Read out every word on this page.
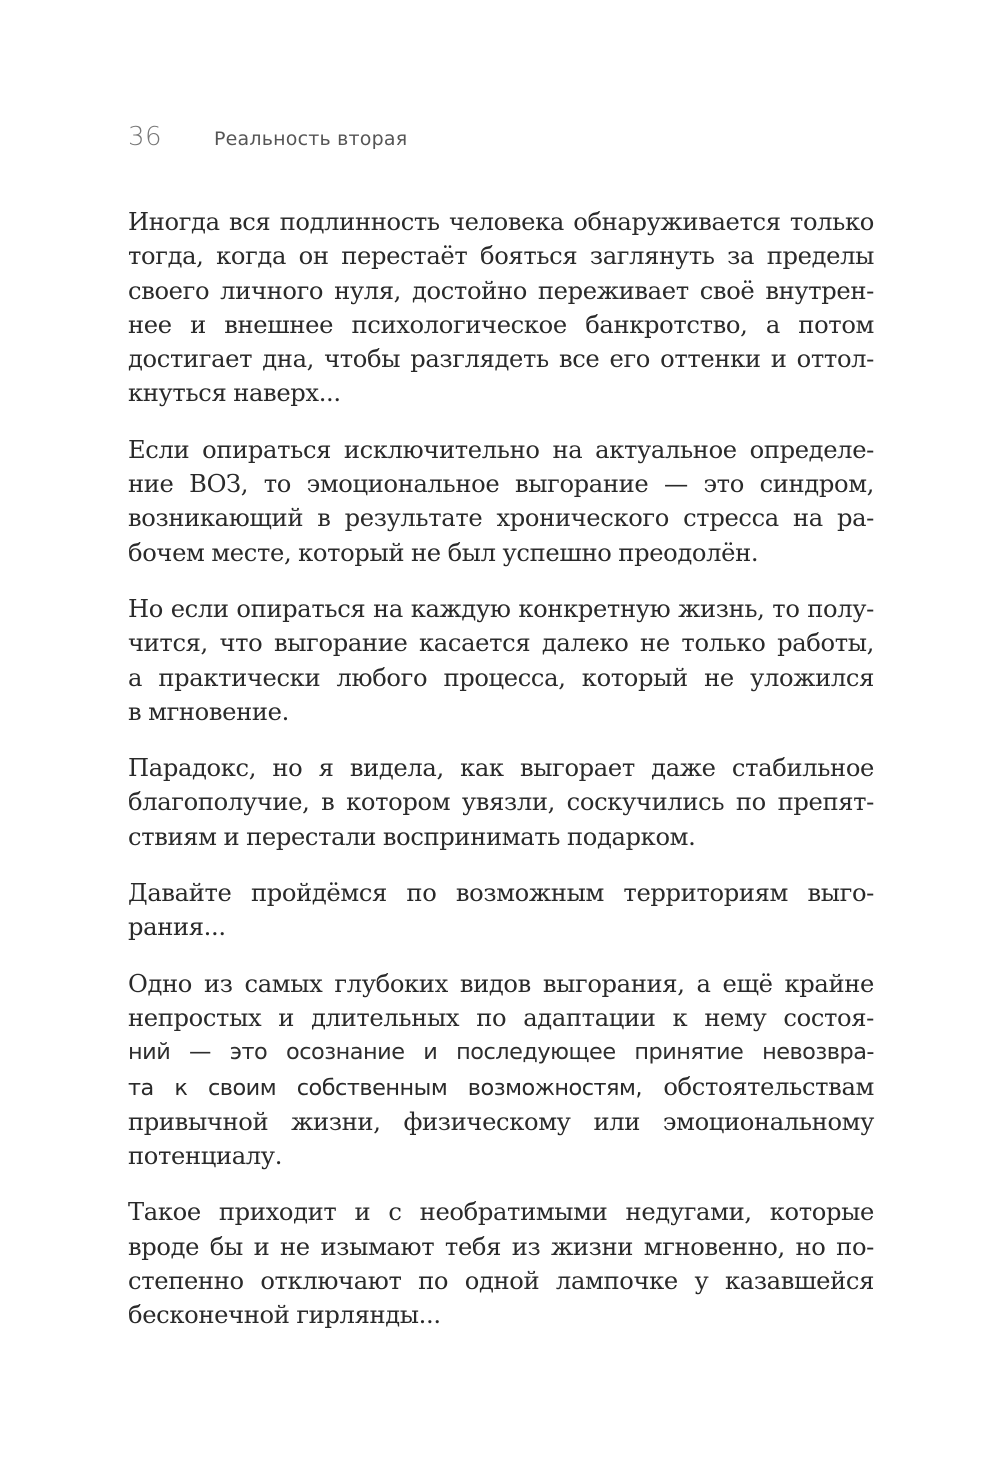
36	Реальность вторая

Иногда вся подлинность человека обнаруживается только
тогда, когда он перестаёт бояться заглянуть за пределы
своего личного нуля, достойно переживает своё внутрен-
нее и внешнее психологическое банкротство, а потом
достигает дна, чтобы разглядеть все его оттенки и оттол-
кнуться наверх...

Если опираться исключительно на актуальное определе-
ние ВОЗ, то эмоциональное выгорание — это синдром,
возникающий в результате хронического стресса на ра-
бочем месте, который не был успешно преодолён.

Но если опираться на каждую конкретную жизнь, то полу-
чится, что выгорание касается далеко не только работы,
а практически любого процесса, который не уложился
в мгновение.

Парадокс, но я видела, как выгорает даже стабильное
благополучие, в котором увязли, соскучились по препят-
ствиям и перестали воспринимать подарком.

Давайте пройдёмся по возможным территориям выго-
рания...

Одно из самых глубоких видов выгорания, а ещё крайне
непростых и длительных по адаптации к нему состоя-
ний — это осознание и последующее принятие невозвра-
та к своим собственным возможностям, обстоятельствам
привычной жизни, физическому или эмоциональному
потенциалу.

Такое приходит и с необратимыми недугами, которые
вроде бы и не изымают тебя из жизни мгновенно, но по-
степенно отключают по одной лампочке у казавшейся
бесконечной гирлянды...
